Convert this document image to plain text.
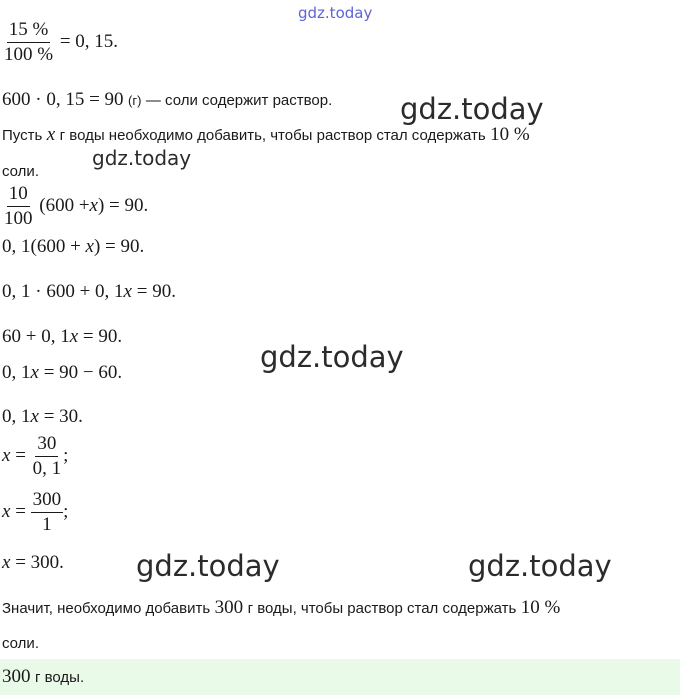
gdz.today
gdz.today
gdz.today
gdz.today
gdz.today	gdz.today
$\frac{15 \%}{100 \%} = 0$, 15.
600 · 0, 15 = 90 (г) — соли содержит раствор.
Пусть x г воды необходимо добавить, чтобы раствор стал содержать 10 %
соли.
$\frac{10}{100} (600 +x) = 90$.
0, 1(600 + x) = 90.
0, 1 · 600 + 0, 1x = 90.
60 + 0, 1x = 90.
0, 1x = 90 − 60.
0, 1x = 30.
$x = \frac{30}{0, 1}$ ;
$x = \frac{300}{1}$ ;
x = 300.
Значит, необходимо добавить 300 г воды, чтобы раствор стал содержать 10 %
соли.
300 г воды.
